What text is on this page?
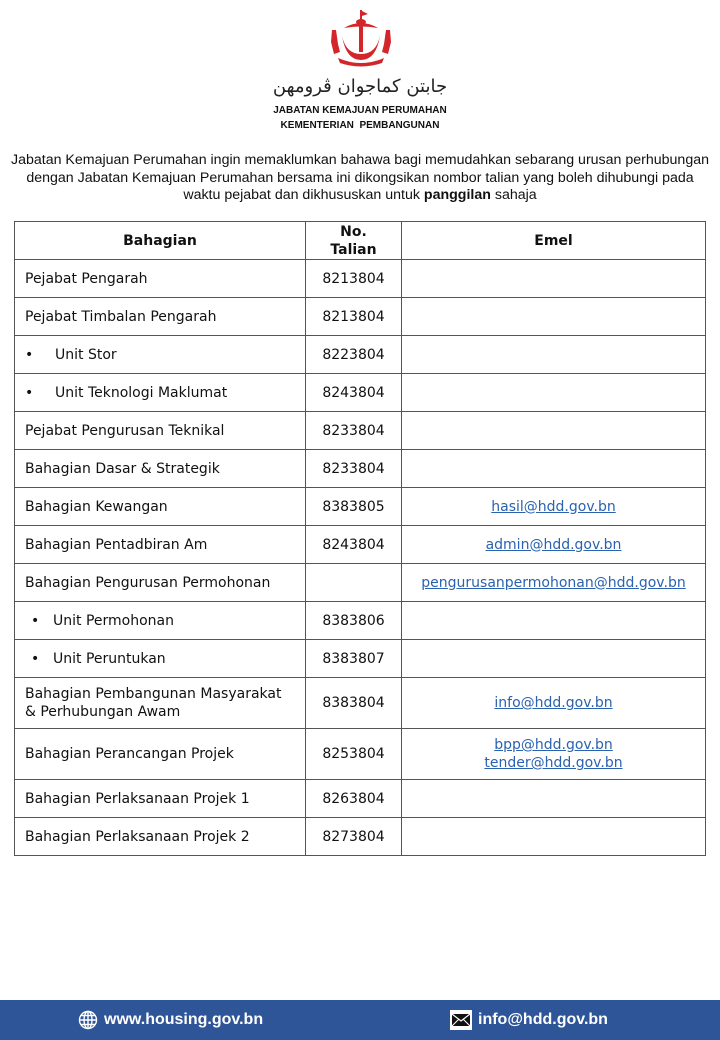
جابتن كماجوان ڤرومهن
JABATAN KEMAJUAN PERUMAHAN
KEMENTERIAN  PEMBANGUNAN
Jabatan Kemajuan Perumahan ingin memaklumkan bahawa bagi memudahkan sebarang urusan perhubungan dengan Jabatan Kemajuan Perumahan bersama ini dikongsikan nombor talian yang boleh dihubungi pada waktu pejabat dan dikhususkan untuk panggilan sahaja
Bahagian	No. Talian	Emel
Pejabat Pengarah	8213804	
Pejabat Timbalan Pengarah	8213804	
• Unit Stor	8223804	
• Unit Teknologi Maklumat	8243804	
Pejabat Pengurusan Teknikal	8233804	
Bahagian Dasar & Strategik	8233804	
Bahagian Kewangan	8383805	hasil@hdd.gov.bn

Bahagian Pentadbiran Am	8243804	admin@hdd.gov.bn

Bahagian Pengurusan Permohonan		pengurusanpermohonan@hdd.gov.bn

• Unit Permohonan	8383806	
• Unit Peruntukan	8383807	
Bahagian Pembangunan Masyarakat & Perhubungan Awam	8383804	info@hdd.gov.bn

Bahagian Perancangan Projek	8253804	bpp@hdd.gov.bn
tender@hdd.gov.bn

Bahagian Perlaksanaan Projek 1	8263804	
Bahagian Perlaksanaan Projek 2	8273804	
www.housing.gov.bn	info@hdd.gov.bn
